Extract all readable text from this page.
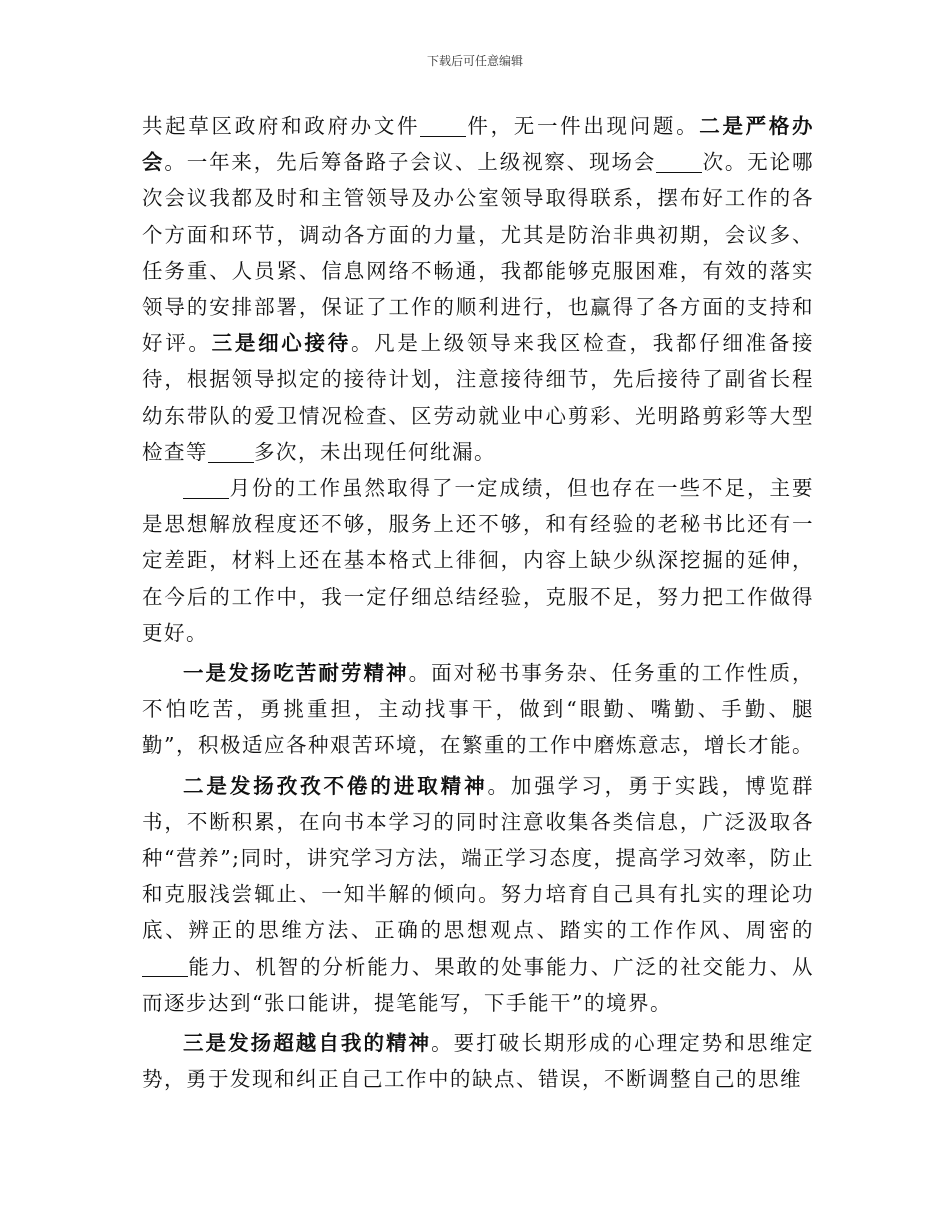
下载后可任意编辑

共起草区政府和政府办文件 件，无一件出现问题。二是严格办会。一年来，先后筹备路子会议、上级视察、现场会 次。无论哪次会议我都及时和主管领导及办公室领导取得联系，摆布好工作的各个方面和环节，调动各方面的力量，尤其是防治非典初期，会议多、任务重、人员紧、信息网络不畅通，我都能够克服困难，有效的落实领导的安排部署，保证了工作的顺利进行，也赢得了各方面的支持和好评。三是细心接待。凡是上级领导来我区检查，我都仔细准备接待，根据领导拟定的接待计划，注意接待细节，先后接待了副省长程幼东带队的爱卫情况检查、区劳动就业中心剪彩、光明路剪彩等大型检查等 多次，未出现任何纰漏。

月份的工作虽然取得了一定成绩，但也存在一些不足，主要是思想解放程度还不够，服务上还不够，和有经验的老秘书比还有一定差距，材料上还在基本格式上徘徊，内容上缺少纵深挖掘的延伸，在今后的工作中，我一定仔细总结经验，克服不足，努力把工作做得更好。

一是发扬吃苦耐劳精神。面对秘书事务杂、任务重的工作性质，不怕吃苦，勇挑重担，主动找事干，做到“眼勤、嘴勤、手勤、腿勤”，积极适应各种艰苦环境，在繁重的工作中磨炼意志，增长才能。

二是发扬孜孜不倦的进取精神。加强学习，勇于实践，博览群书，不断积累，在向书本学习的同时注意收集各类信息，广泛汲取各种“营养”;同时，讲究学习方法，端正学习态度，提高学习效率，防止和克服浅尝辄止、一知半解的倾向。努力培育自己具有扎实的理论功底、辨正的思维方法、正确的思想观点、踏实的工作作风、周密的能力、机智的分析能力、果敢的处事能力、广泛的社交能力、从而逐步达到“张口能讲，提笔能写，下手能干”的境界。

三是发扬超越自我的精神。要打破长期形成的心理定势和思维定势，勇于发现和纠正自己工作中的缺点、错误，不断调整自己的思维
